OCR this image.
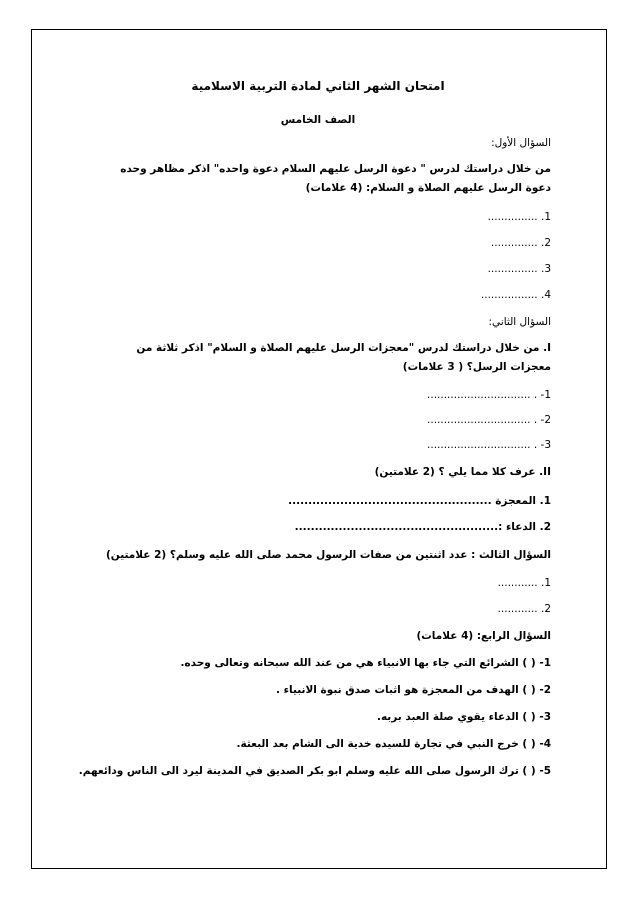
امتحان الشهر الثاني لمادة التربية الاسلامية
الصف الخامس
السؤال الأول:
من خلال دراستك لدرس " دعوة الرسل عليهم السلام دعوة واحده" اذكر مظاهر وحده دعوة الرسل عليهم الصلاة و السلام: (4 علامات)
1. ...............
2. ..............
3. ...............
4. .................
السؤال الثاني:
I. من خلال دراستك لدرس "معجزات الرسل عليهم الصلاة و السلام" اذكر ثلاثة من معجزات الرسل؟ ( 3 علامات)
1- . ...............................
2- . ...............................
3- . ...............................
II. عرف كلا مما يلي ؟ (2 علامتين)
1. المعجزة ...................................................
2. الدعاء :...................................................
السؤال الثالث : عدد اثنتين من صفات الرسول محمد صلى الله عليه وسلم؟ (2 علامتين)
1. ............
2. ............
السؤال الرابع: (4 علامات)
1- ( ) الشرائع التي جاء بها الانبياء هي من عند الله سبحانه وتعالى وحده.
2- ( ) الهدف من المعجزة هو اثبات صدق نبوة الانبياء .
3- ( ) الدعاء يقوي صلة العبد بربه.
4- ( ) خرج النبي في تجارة للسيده خدية الى الشام بعد البعثة.
5- ( ) ترك الرسول صلى الله عليه وسلم ابو بكر الصديق في المدينة ليرد الى الناس ودائعهم.
